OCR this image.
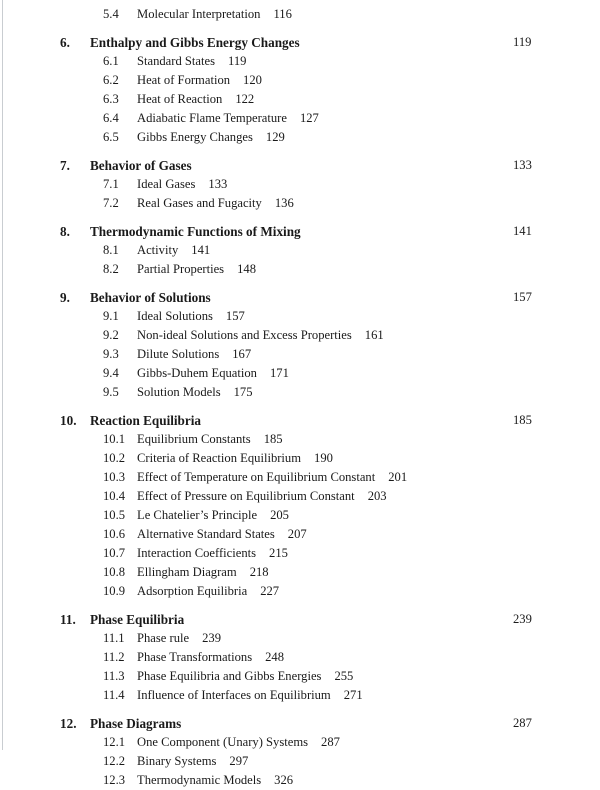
5.4	Molecular Interpretation	116
6.	Enthalpy and Gibbs Energy Changes	119
6.1	Standard States	119
6.2	Heat of Formation	120
6.3	Heat of Reaction	122
6.4	Adiabatic Flame Temperature	127
6.5	Gibbs Energy Changes	129
7.	Behavior of Gases	133
7.1	Ideal Gases	133
7.2	Real Gases and Fugacity	136
8.	Thermodynamic Functions of Mixing	141
8.1	Activity	141
8.2	Partial Properties	148
9.	Behavior of Solutions	157
9.1	Ideal Solutions	157
9.2	Non-ideal Solutions and Excess Properties	161
9.3	Dilute Solutions	167
9.4	Gibbs-Duhem Equation	171
9.5	Solution Models	175
10.	Reaction Equilibria	185
10.1 Equilibrium Constants	185
10.2 Criteria of Reaction Equilibrium	190
10.3 Effect of Temperature on Equilibrium Constant	201
10.4 Effect of Pressure on Equilibrium Constant	203
10.5 Le Chatelier’s Principle	205
10.6 Alternative Standard States	207
10.7 Interaction Coefficients	215
10.8 Ellingham Diagram	218
10.9 Adsorption Equilibria	227
11.	Phase Equilibria	239
11.1 Phase rule	239
11.2 Phase Transformations	248
11.3 Phase Equilibria and Gibbs Energies	255
11.4 Influence of Interfaces on Equilibrium	271
12.	Phase Diagrams	287
12.1 One Component (Unary) Systems	287
12.2 Binary Systems	297
12.3 Thermodynamic Models	326
